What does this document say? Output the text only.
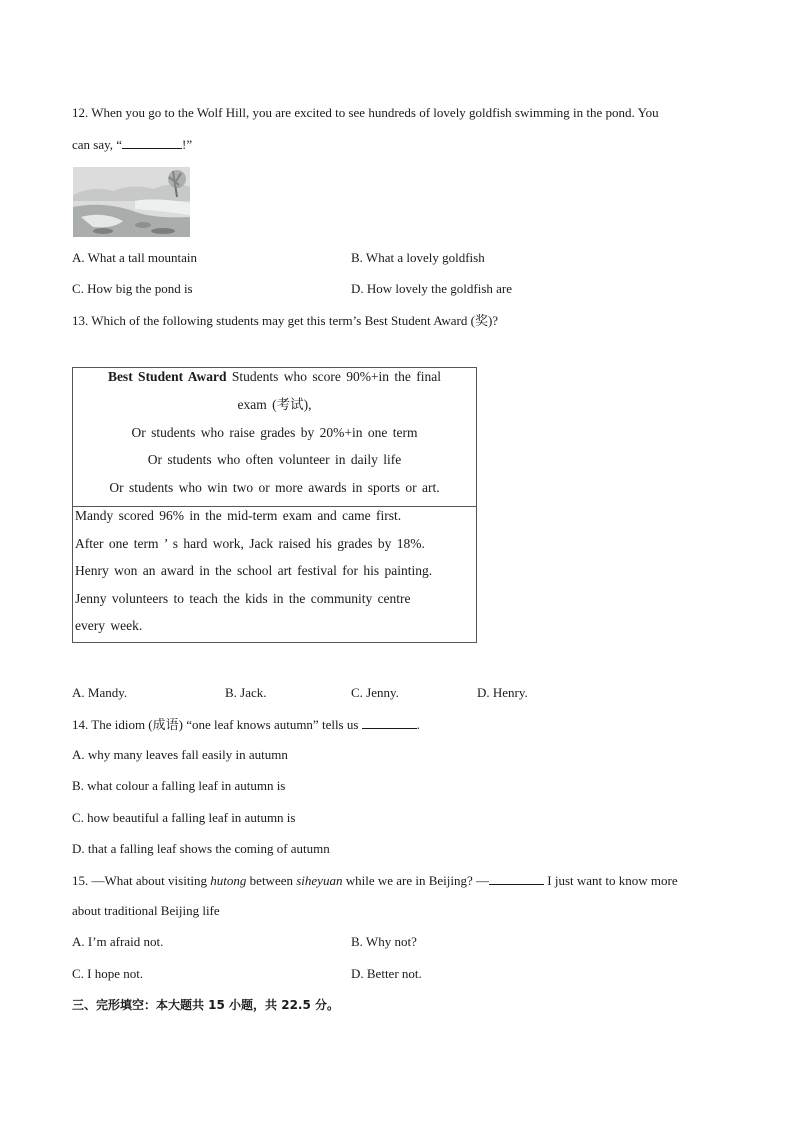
12. When you go to the Wolf Hill, you are excited to see hundreds of lovely goldfish swimming in the pond. You
can say, “	!”
A. What a tall mountain	B. What a lovely goldfish
C. How big the pond is	D. How lovely the goldfish are
13. Which of the following students may get this term’s Best Student Award (奖)?
Best Student Award Students who score 90%+in the final
exam (考试),
Or students who raise grades by 20%+in one term
Or students who often volunteer in daily life
Or students who win two or more awards in sports or art.
Mandy scored 96% in the mid-term exam and came first.
After one term ’ s hard work, Jack raised his grades by 18%.
Henry won an award in the school art festival for his painting.
Jenny volunteers to teach the kids in the community centre
every week.
A. Mandy.	B. Jack.	C. Jenny.	D. Henry.
14. The idiom (成语) “one leaf knows autumn” tells us	.
A. why many leaves fall easily in autumn
B. what colour a falling leaf in autumn is
C. how beautiful a falling leaf in autumn is
D. that a falling leaf shows the coming of autumn
15. —What about visiting hutong between siheyuan while we are in Beijing? —	I just want to know more
about traditional Beijing life
A. I’m afraid not.	B. Why not?
C. I hope not.	D. Better not.
三、完形填空：本大题共 15 小题，共 22.5 分。
